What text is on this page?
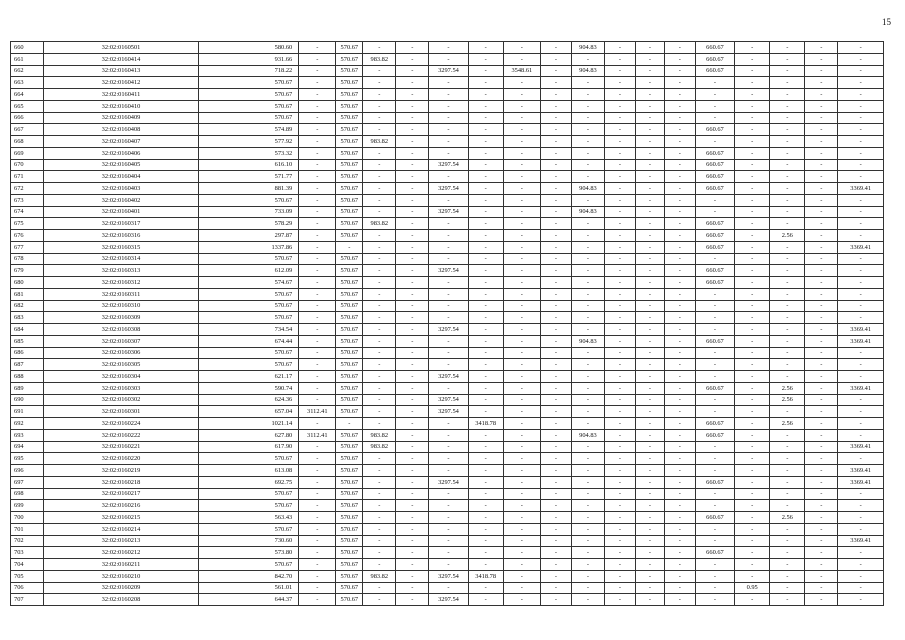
15
660	32:02:0160501	580.60	-	570.67	-	-	-	-	-	-	904.83	-	-	-	660.67	-	-	-	-
661	32:02:0160414	931.66	-	570.67	983.82	-	-	-	-	-	-	-	-	-	660.67	-	-	-	-
662	32:02:0160413	718.22	-	570.67	-	-	3297.54	-	3548.61	-	904.83	-	-	-	660.67	-	-	-	-
663	32:02:0160412	570.67	-	570.67	-	-	-	-	-	-	-	-	-	-	-	-	-	-	-
664	32:02:0160411	570.67	-	570.67	-	-	-	-	-	-	-	-	-	-	-	-	-	-	-
665	32:02:0160410	570.67	-	570.67	-	-	-	-	-	-	-	-	-	-	-	-	-	-	-
666	32:02:0160409	570.67	-	570.67	-	-	-	-	-	-	-	-	-	-	-	-	-	-	-
667	32:02:0160408	574.89	-	570.67	-	-	-	-	-	-	-	-	-	-	660.67	-	-	-	-
668	32:02:0160407	577.92	-	570.67	983.82	-	-	-	-	-	-	-	-	-	-	-	-	-	-
669	32:02:0160406	573.32	-	570.67	-	-	-	-	-	-	-	-	-	-	660.67	-	-	-	-
670	32:02:0160405	616.10	-	570.67	-	-	3297.54	-	-	-	-	-	-	-	660.67	-	-	-	-
671	32:02:0160404	571.77	-	570.67	-	-	-	-	-	-	-	-	-	-	660.67	-	-	-	-
672	32:02:0160403	881.39	-	570.67	-	-	3297.54	-	-	-	904.83	-	-	-	660.67	-	-	-	3369.41
673	32:02:0160402	570.67	-	570.67	-	-	-	-	-	-	-	-	-	-	-	-	-	-	-
674	32:02:0160401	733.09	-	570.67	-	-	3297.54	-	-	-	904.83	-	-	-	-	-	-	-	-
675	32:02:0160317	578.29	-	570.67	983.82	-	-	-	-	-	-	-	-	-	660.67	-	-	-	-
676	32:02:0160316	297.87	-	570.67	-	-	-	-	-	-	-	-	-	-	660.67	-	2.56	-	-
677	32:02:0160315	1337.86	-	-	-	-	-	-	-	-	-	-	-	-	660.67	-	-	-	3369.41
678	32:02:0160314	570.67	-	570.67	-	-	-	-	-	-	-	-	-	-	-	-	-	-	-
679	32:02:0160313	612.09	-	570.67	-	-	3297.54	-	-	-	-	-	-	-	660.67	-	-	-	-
680	32:02:0160312	574.67	-	570.67	-	-	-	-	-	-	-	-	-	-	660.67	-	-	-	-
681	32:02:0160311	570.67	-	570.67	-	-	-	-	-	-	-	-	-	-	-	-	-	-	-
682	32:02:0160310	570.67	-	570.67	-	-	-	-	-	-	-	-	-	-	-	-	-	-	-
683	32:02:0160309	570.67	-	570.67	-	-	-	-	-	-	-	-	-	-	-	-	-	-	-
684	32:02:0160308	734.54	-	570.67	-	-	3297.54	-	-	-	-	-	-	-	-	-	-	-	3369.41
685	32:02:0160307	674.44	-	570.67	-	-	-	-	-	-	904.83	-	-	-	660.67	-	-	-	3369.41
686	32:02:0160306	570.67	-	570.67	-	-	-	-	-	-	-	-	-	-	-	-	-	-	-
687	32:02:0160305	570.67	-	570.67	-	-	-	-	-	-	-	-	-	-	-	-	-	-	-
688	32:02:0160304	621.17	-	570.67	-	-	3297.54	-	-	-	-	-	-	-	-	-	-	-	-
689	32:02:0160303	590.74	-	570.67	-	-	-	-	-	-	-	-	-	-	660.67	-	2.56	-	3369.41
690	32:02:0160302	624.36	-	570.67	-	-	3297.54	-	-	-	-	-	-	-	-	-	2.56	-	-
691	32:02:0160301	657.04	3112.41	570.67	-	-	3297.54	-	-	-	-	-	-	-	-	-	-	-	-
692	32:02:0160224	1021.14	-	-	-	-	-	3418.78	-	-	-	-	-	-	660.67	-	2.56	-	-
693	32:02:0160222	627.80	3112.41	570.67	983.82	-	-	-	-	-	904.83	-	-	-	660.67	-	-	-	-
694	32:02:0160221	617.90	-	570.67	983.82	-	-	-	-	-	-	-	-	-	-	-	-	-	3369.41
695	32:02:0160220	570.67	-	570.67	-	-	-	-	-	-	-	-	-	-	-	-	-	-	-
696	32:02:0160219	613.08	-	570.67	-	-	-	-	-	-	-	-	-	-	-	-	-	-	3369.41
697	32:02:0160218	692.75	-	570.67	-	-	3297.54	-	-	-	-	-	-	-	660.67	-	-	-	3369.41
698	32:02:0160217	570.67	-	570.67	-	-	-	-	-	-	-	-	-	-	-	-	-	-	-
699	32:02:0160216	570.67	-	570.67	-	-	-	-	-	-	-	-	-	-	-	-	-	-	-
700	32:02:0160215	563.43	-	570.67	-	-	-	-	-	-	-	-	-	-	660.67	-	2.56	-	-
701	32:02:0160214	570.67	-	570.67	-	-	-	-	-	-	-	-	-	-	-	-	-	-	-
702	32:02:0160213	730.60	-	570.67	-	-	-	-	-	-	-	-	-	-	-	-	-	-	3369.41
703	32:02:0160212	573.80	-	570.67	-	-	-	-	-	-	-	-	-	-	660.67	-	-	-	-
704	32:02:0160211	570.67	-	570.67	-	-	-	-	-	-	-	-	-	-	-	-	-	-	-
705	32:02:0160210	842.70	-	570.67	983.82	-	3297.54	3418.78	-	-	-	-	-	-	-	-	-	-	-
706	32:02:0160209	561.01	-	570.67	-	-	-	-	-	-	-	-	-	-	-	0.95	-	-	-
707	32:02:0160208	644.37	-	570.67	-	-	3297.54	-	-	-	-	-	-	-	-	-	-	-	-
